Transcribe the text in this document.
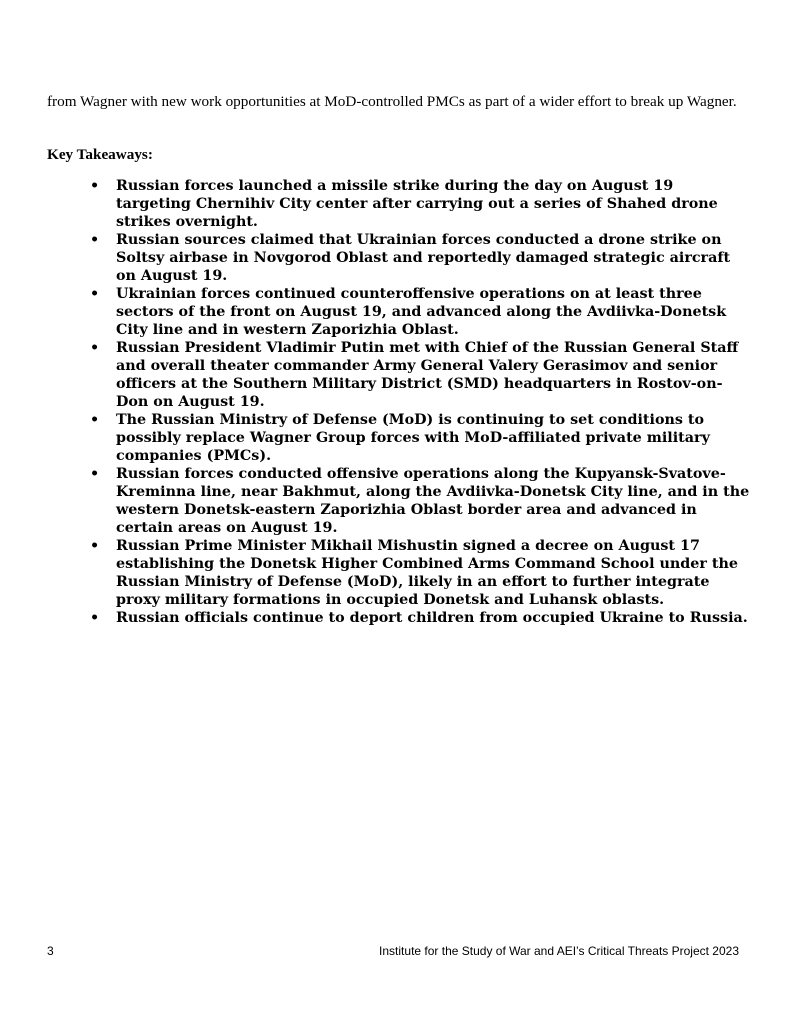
from Wagner with new work opportunities at MoD-controlled PMCs as part of a wider effort to break up Wagner.

Key Takeaways:

• Russian forces launched a missile strike during the day on August 19 targeting Chernihiv City center after carrying out a series of Shahed drone strikes overnight.
• Russian sources claimed that Ukrainian forces conducted a drone strike on Soltsy airbase in Novgorod Oblast and reportedly damaged strategic aircraft on August 19.
• Ukrainian forces continued counteroffensive operations on at least three sectors of the front on August 19, and advanced along the Avdiivka-Donetsk City line and in western Zaporizhia Oblast.
• Russian President Vladimir Putin met with Chief of the Russian General Staff and overall theater commander Army General Valery Gerasimov and senior officers at the Southern Military District (SMD) headquarters in Rostov-on-Don on August 19.
• The Russian Ministry of Defense (MoD) is continuing to set conditions to possibly replace Wagner Group forces with MoD-affiliated private military companies (PMCs).
• Russian forces conducted offensive operations along the Kupyansk-Svatove-Kreminna line, near Bakhmut, along the Avdiivka-Donetsk City line, and in the western Donetsk-eastern Zaporizhia Oblast border area and advanced in certain areas on August 19.
• Russian Prime Minister Mikhail Mishustin signed a decree on August 17 establishing the Donetsk Higher Combined Arms Command School under the Russian Ministry of Defense (MoD), likely in an effort to further integrate proxy military formations in occupied Donetsk and Luhansk oblasts.
• Russian officials continue to deport children from occupied Ukraine to Russia.
3	Institute for the Study of War and AEI’s Critical Threats Project 2023
